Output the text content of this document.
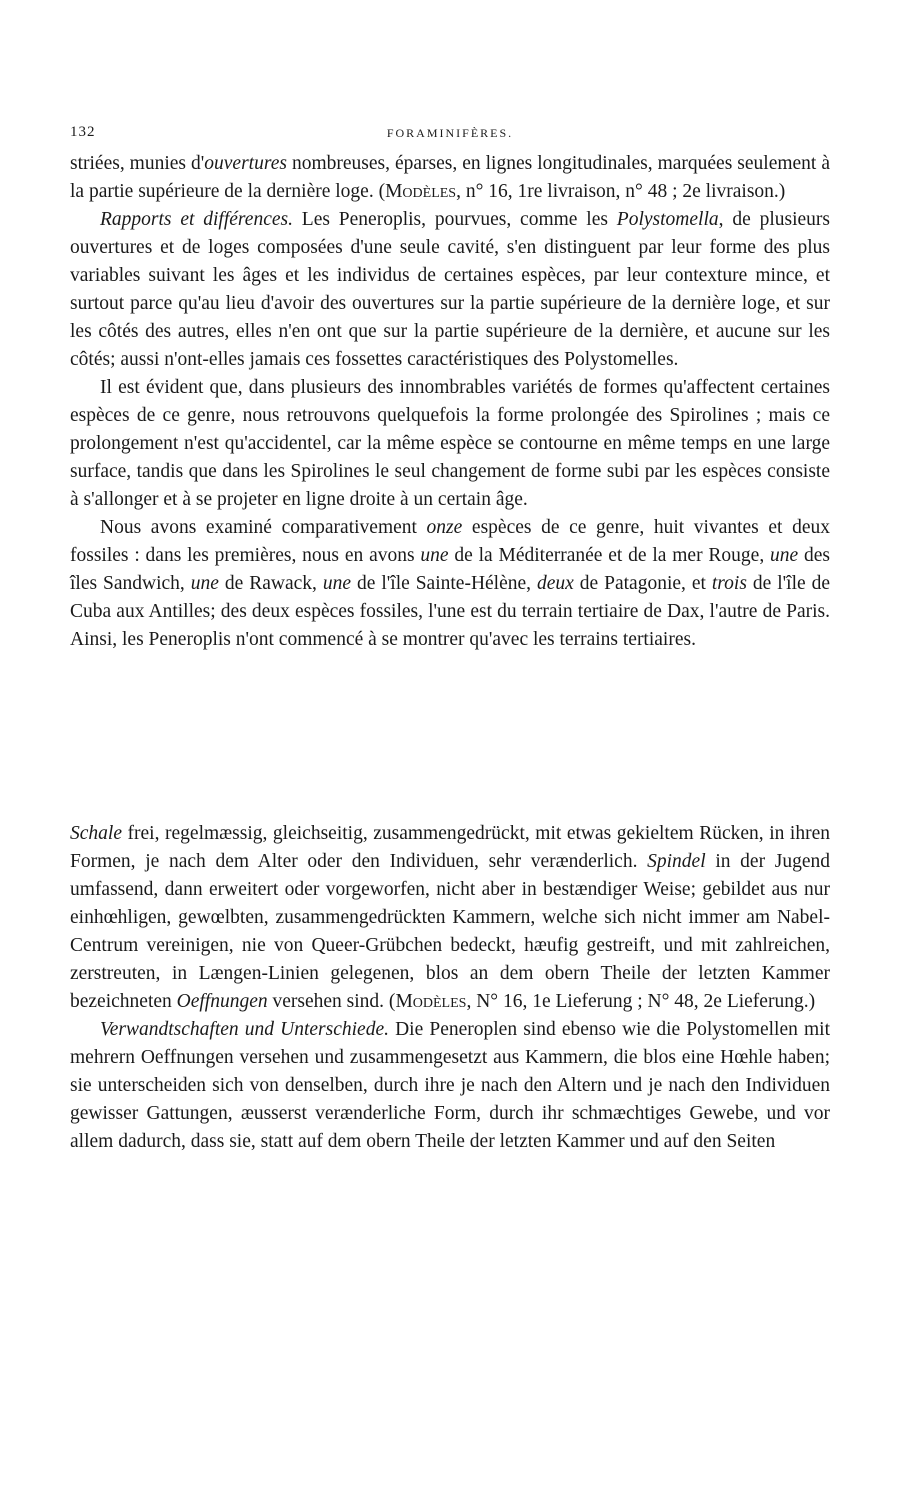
132	FORAMINIFÈRES.

striées, munies d'ouvertures nombreuses, éparses, en lignes longitudinales, marquées seulement à la partie supérieure de la dernière loge. (Modèles, n° 16, 1re livraison, n° 48 ; 2e livraison.)

Rapports et différences. Les Peneroplis, pourvues, comme les Polystomella, de plusieurs ouvertures et de loges composées d'une seule cavité, s'en distinguent par leur forme des plus variables suivant les âges et les individus de certaines espèces, par leur contexture mince, et surtout parce qu'au lieu d'avoir des ouvertures sur la partie supérieure de la dernière loge, et sur les côtés des autres, elles n'en ont que sur la partie supérieure de la dernière, et aucune sur les côtés; aussi n'ont-elles jamais ces fossettes caractéristiques des Polystomelles.

Il est évident que, dans plusieurs des innombrables variétés de formes qu'affectent certaines espèces de ce genre, nous retrouvons quelquefois la forme prolongée des Spirolines ; mais ce prolongement n'est qu'accidentel, car la même espèce se contourne en même temps en une large surface, tandis que dans les Spirolines le seul changement de forme subi par les espèces consiste à s'allonger et à se projeter en ligne droite à un certain âge.

Nous avons examiné comparativement onze espèces de ce genre, huit vivantes et deux fossiles : dans les premières, nous en avons une de la Méditerranée et de la mer Rouge, une des îles Sandwich, une de Rawack, une de l'île Sainte-Hélène, deux de Patagonie, et trois de l'île de Cuba aux Antilles; des deux espèces fossiles, l'une est du terrain tertiaire de Dax, l'autre de Paris. Ainsi, les Peneroplis n'ont commencé à se montrer qu'avec les terrains tertiaires.

Schale frei, regelmæssig, gleichseitig, zusammengedrückt, mit etwas gekieltem Rücken, in ihren Formen, je nach dem Alter oder den Individuen, sehr verænderlich. Spindel in der Jugend umfassend, dann erweitert oder vorgeworfen, nicht aber in bestændiger Weise; gebildet aus nur einhœhligen, gewœlbten, zusammengedrückten Kammern, welche sich nicht immer am Nabel-Centrum vereinigen, nie von Queer-Grübchen bedeckt, hæufig gestreift, und mit zahlreichen, zerstreuten, in Længen-Linien gelegenen, blos an dem obern Theile der letzten Kammer bezeichneten Oeffnungen versehen sind. (Modèles, N° 16, 1e Lieferung ; N° 48, 2e Lieferung.)

Verwandtschaften und Unterschiede. Die Peneroplen sind ebenso wie die Polystomellen mit mehrern Oeffnungen versehen und zusammengesetzt aus Kammern, die blos eine Hœhle haben; sie unterscheiden sich von denselben, durch ihre je nach den Altern und je nach den Individuen gewisser Gattungen, æusserst verænderliche Form, durch ihr schmæchtiges Gewebe, und vor allem dadurch, dass sie, statt auf dem obern Theile der letzten Kammer und auf den Seiten
